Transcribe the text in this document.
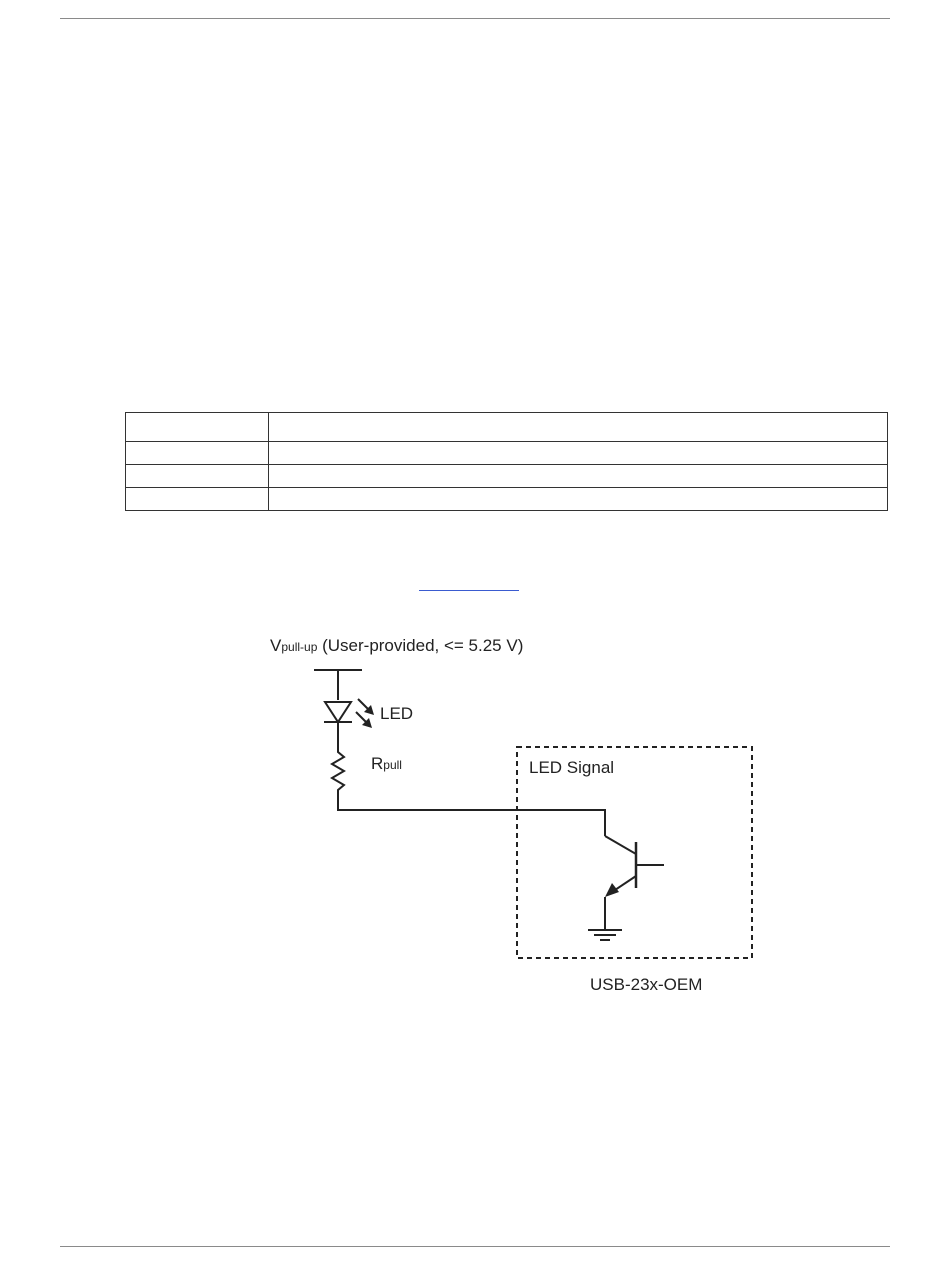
Vpull-up (User-provided, <= 5.25 V)
LED
Rpull	LED Signal
USB-23x-OEM
